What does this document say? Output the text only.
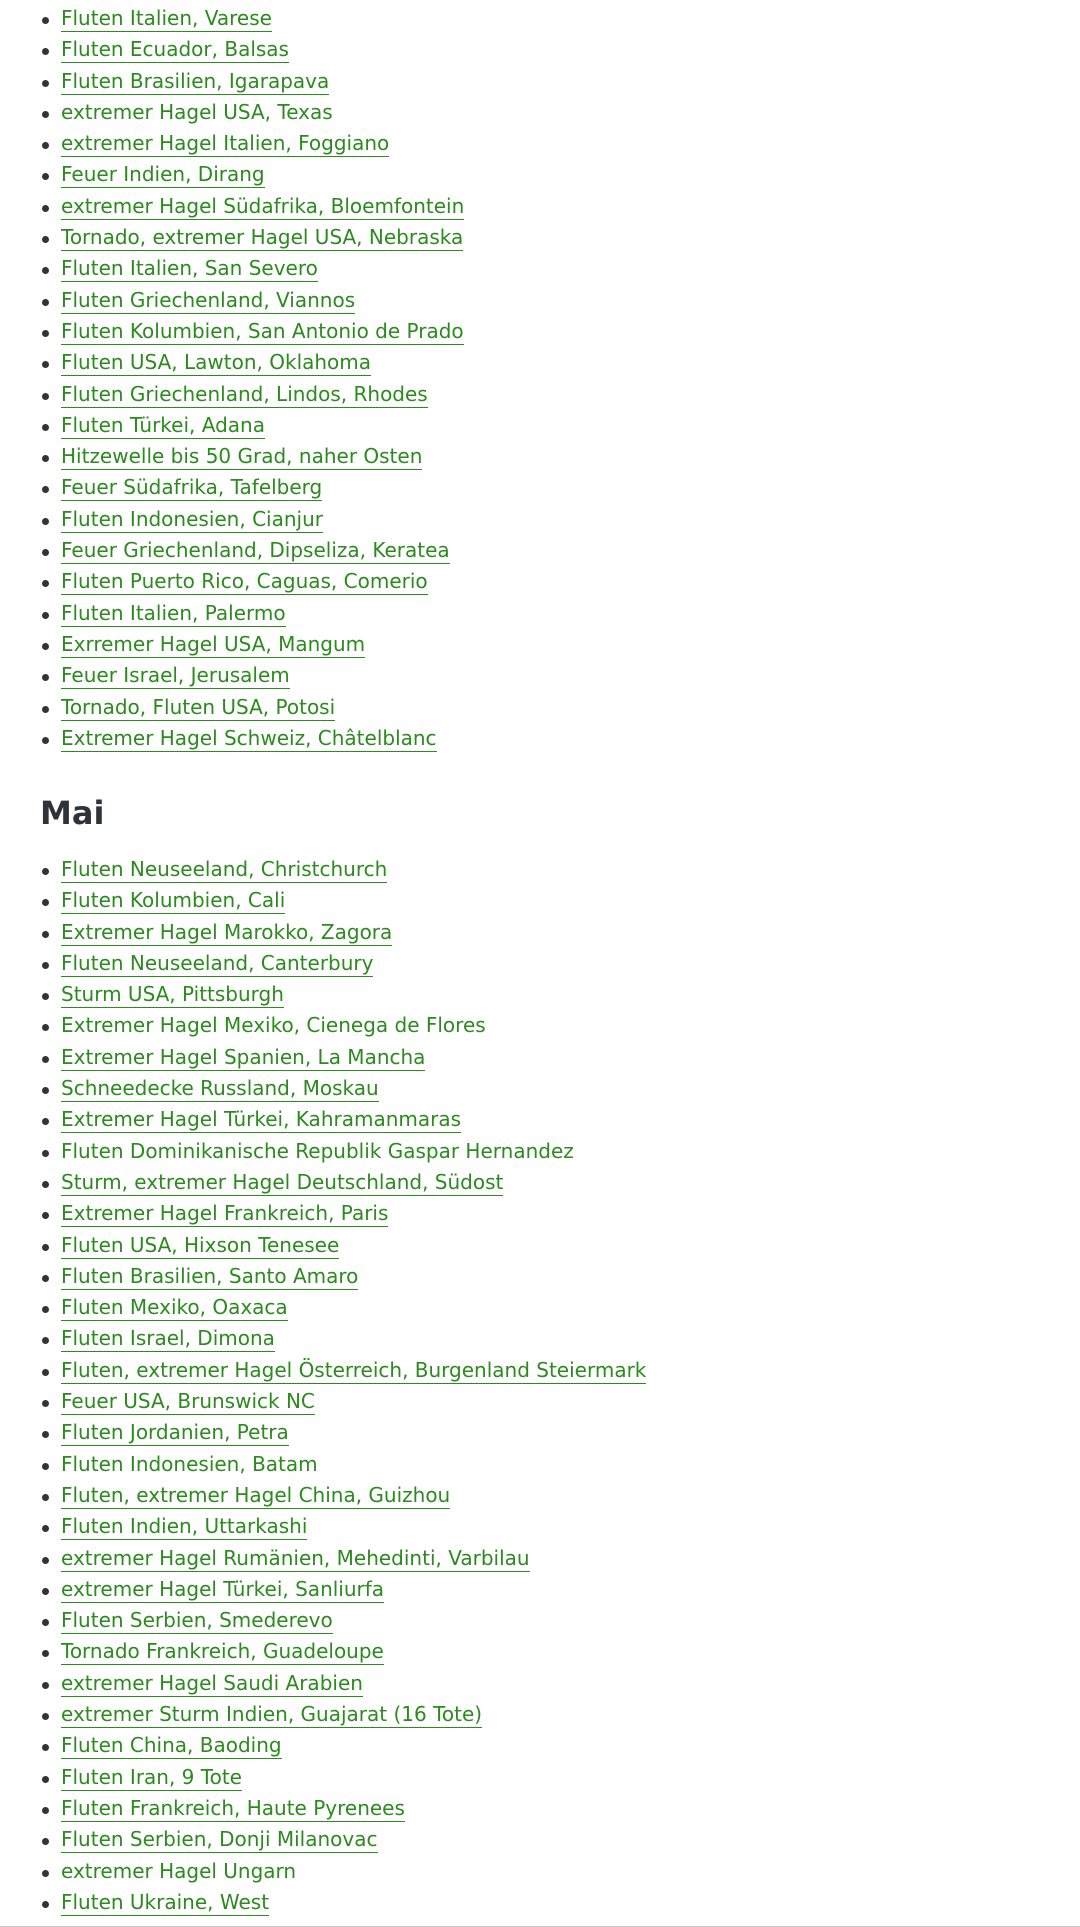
Fluten Italien, Varese
Fluten Ecuador, Balsas
Fluten Brasilien, Igarapava
extremer Hagel USA, Texas
extremer Hagel Italien, Foggiano
Feuer Indien, Dirang
extremer Hagel Südafrika, Bloemfontein
Tornado, extremer Hagel USA, Nebraska
Fluten Italien, San Severo
Fluten Griechenland, Viannos
Fluten Kolumbien, San Antonio de Prado
Fluten USA, Lawton, Oklahoma
Fluten Griechenland, Lindos, Rhodes
Fluten Türkei, Adana
Hitzewelle bis 50 Grad, naher Osten
Feuer Südafrika, Tafelberg
Fluten Indonesien, Cianjur
Feuer Griechenland, Dipseliza, Keratea
Fluten Puerto Rico, Caguas, Comerio
Fluten Italien, Palermo
Exrremer Hagel USA, Mangum
Feuer Israel, Jerusalem
Tornado, Fluten USA, Potosi
Extremer Hagel Schweiz, Châtelblanc
Mai
Fluten Neuseeland, Christchurch
Fluten Kolumbien, Cali
Extremer Hagel Marokko, Zagora
Fluten Neuseeland, Canterbury
Sturm USA, Pittsburgh
Extremer Hagel Mexiko, Cienega de Flores
Extremer Hagel Spanien, La Mancha
Schneedecke Russland, Moskau
Extremer Hagel Türkei, Kahramanmaras
Fluten Dominikanische Republik Gaspar Hernandez
Sturm, extremer Hagel Deutschland, Südost
Extremer Hagel Frankreich, Paris
Fluten USA, Hixson Tenesee
Fluten Brasilien, Santo Amaro
Fluten Mexiko, Oaxaca
Fluten Israel, Dimona
Fluten, extremer Hagel Österreich, Burgenland Steiermark
Feuer USA, Brunswick NC
Fluten Jordanien, Petra
Fluten Indonesien, Batam
Fluten, extremer Hagel China, Guizhou
Fluten Indien, Uttarkashi
extremer Hagel Rumänien, Mehedinti, Varbilau
extremer Hagel Türkei, Sanliurfa
Fluten Serbien, Smederevo
Tornado Frankreich, Guadeloupe
extremer Hagel Saudi Arabien
extremer Sturm Indien, Guajarat (16 Tote)
Fluten China, Baoding
Fluten Iran, 9 Tote
Fluten Frankreich, Haute Pyrenees
Fluten Serbien, Donji Milanovac
extremer Hagel Ungarn
Fluten Ukraine, West
